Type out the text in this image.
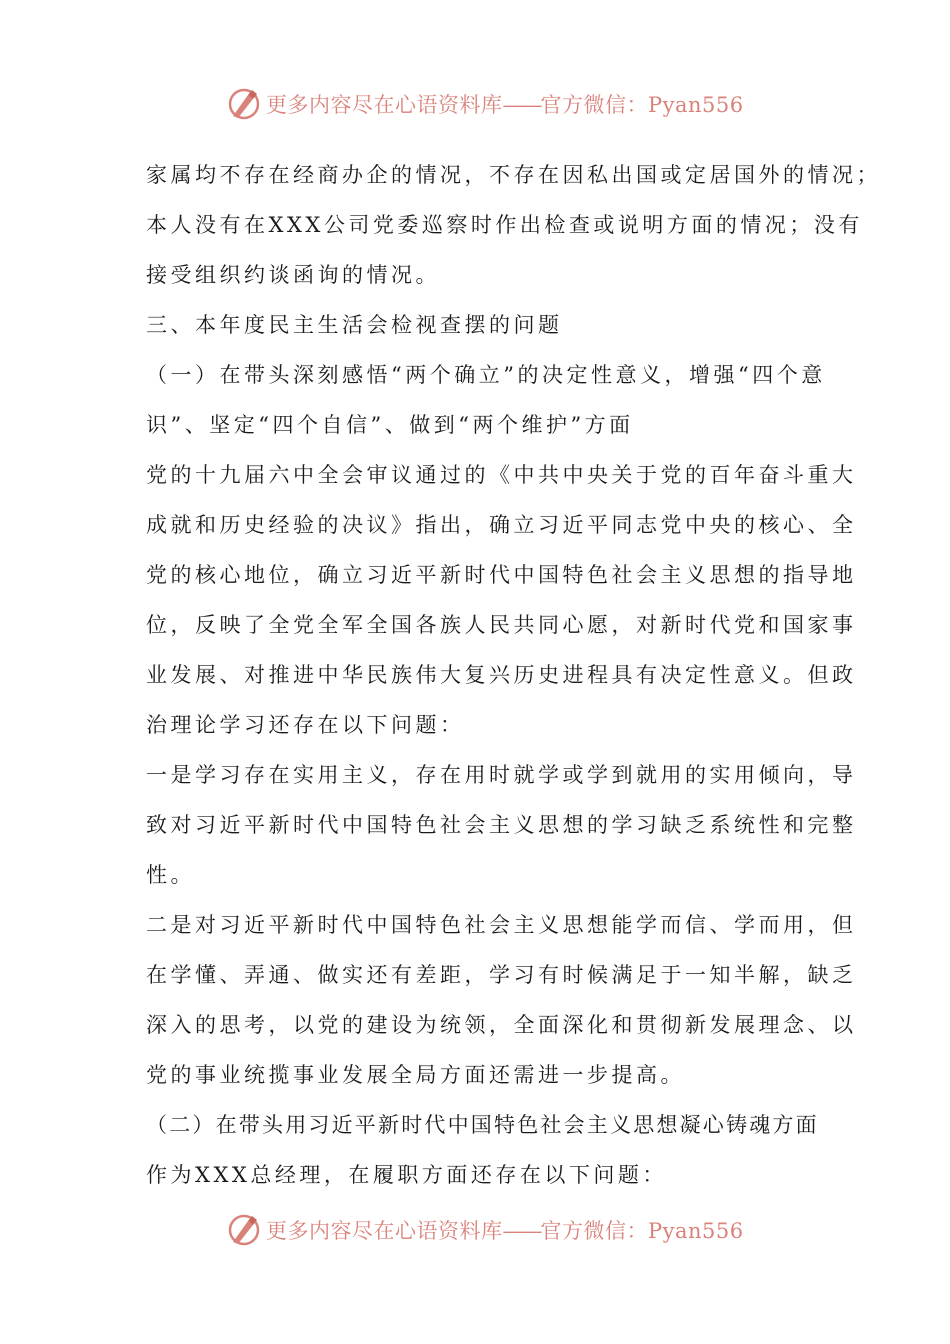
更多内容尽在心语资料库——官方微信：Pyan556
家属均不存在经商办企的情况，不存在因私出国或定居国外的情况；
本人没有在XXX公司党委巡察时作出检查或说明方面的情况；没有
接受组织约谈函询的情况。
三、本年度民主生活会检视查摆的问题
（一）在带头深刻感悟“两个确立”的决定性意义，增强“四个意
识”、坚定“四个自信”、做到“两个维护”方面
党的十九届六中全会审议通过的《中共中央关于党的百年奋斗重大
成就和历史经验的决议》指出，确立习近平同志党中央的核心、全
党的核心地位，确立习近平新时代中国特色社会主义思想的指导地
位，反映了全党全军全国各族人民共同心愿，对新时代党和国家事
业发展、对推进中华民族伟大复兴历史进程具有决定性意义。但政
治理论学习还存在以下问题：
一是学习存在实用主义，存在用时就学或学到就用的实用倾向，导
致对习近平新时代中国特色社会主义思想的学习缺乏系统性和完整
性。
二是对习近平新时代中国特色社会主义思想能学而信、学而用，但
在学懂、弄通、做实还有差距，学习有时候满足于一知半解，缺乏
深入的思考，以党的建设为统领，全面深化和贯彻新发展理念、以
党的事业统揽事业发展全局方面还需进一步提高。
（二）在带头用习近平新时代中国特色社会主义思想凝心铸魂方面
作为XXX总经理，在履职方面还存在以下问题：
更多内容尽在心语资料库——官方微信：Pyan556
